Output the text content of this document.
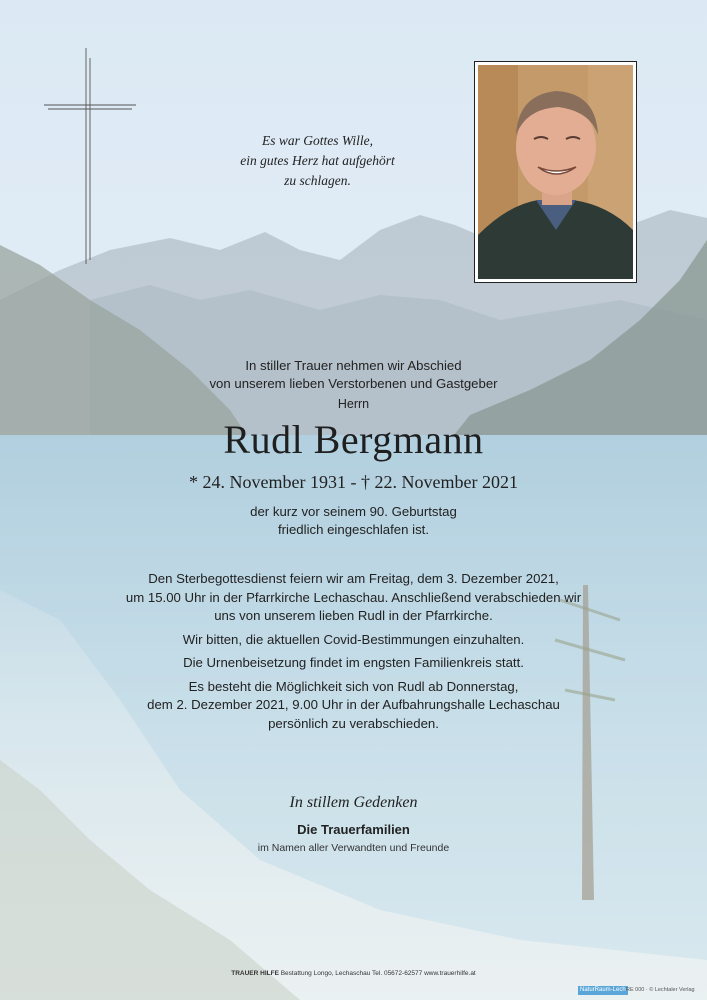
Es war Gottes Wille,
ein gutes Herz hat aufgehört
zu schlagen.
In stiller Trauer nehmen wir Abschied
von unserem lieben Verstorbenen und Gastgeber
Herrn
Rudl Bergmann
* 24. November 1931 - † 22. November 2021
der kurz vor seinem 90. Geburtstag
friedlich eingeschlafen ist.
Den Sterbegottesdienst feiern wir am Freitag, dem 3. Dezember 2021,
um 15.00 Uhr in der Pfarrkirche Lechaschau. Anschließend verabschieden wir
uns von unserem lieben Rudl in der Pfarrkirche.
Wir bitten, die aktuellen Covid-Bestimmungen einzuhalten.
Die Urnenbeisetzung findet im engsten Familienkreis statt.
Es besteht die Möglichkeit sich von Rudl ab Donnerstag,
dem 2. Dezember 2021, 9.00 Uhr in der Aufbahrungshalle Lechaschau
persönlich zu verabschieden.
In stillem Gedenken
Die Trauerfamilien
im Namen aller Verwandten und Freunde
TRAUER HILFE Bestattung Longo, Lechaschau Tel. 05672-62577 www.trauerhilfe.at
NaturRaum-Lech RE 000 · © Lechtaler Verlag
